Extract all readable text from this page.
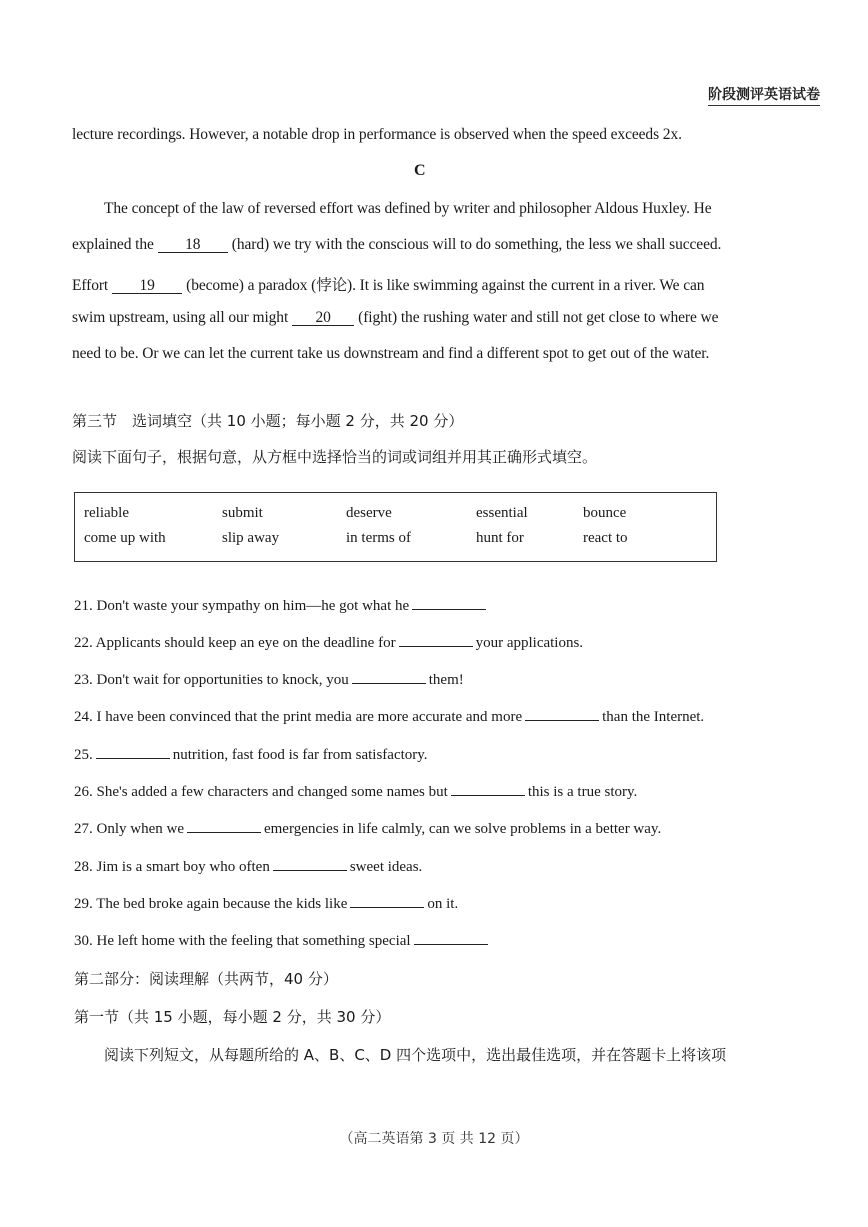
阶段测评英语试卷
lecture recordings. However, a notable drop in performance is observed when the speed exceeds 2x.
C
The concept of the law of reversed effort was defined by writer and philosopher Aldous Huxley. He
explained the 18 (hard) we try with the conscious will to do something, the less we shall succeed.
Effort 19 (become) a paradox (悖论). It is like swimming against the current in a river. We can
swim upstream, using all our might 20 (fight) the rushing water and still not get close to where we
need to be. Or we can let the current take us downstream and find a different spot to get out of the water.
第三节　选词填空（共 10 小题；每小题 2 分，共 20 分）
阅读下面句子，根据句意，从方框中选择恰当的词或词组并用其正确形式填空。
reliable	submit	deserve	essential	bounce
come up with	slip away	in terms of	hunt for	react to
21. Don't waste your sympathy on him—he got what he
22. Applicants should keep an eye on the deadline for	your applications.
23. Don't wait for opportunities to knock, you	them!
24. I have been convinced that the print media are more accurate and more	than the Internet.
25.	nutrition, fast food is far from satisfactory.
26. She's added a few characters and changed some names but	this is a true story.
27. Only when we	emergencies in life calmly, can we solve problems in a better way.
28. Jim is a smart boy who often	sweet ideas.
29. The bed broke again because the kids like	on it.
30. He left home with the feeling that something special
第二部分：阅读理解（共两节，40 分）
第一节（共 15 小题，每小题 2 分，共 30 分）
阅读下列短文，从每题所给的 A、B、C、D 四个选项中，选出最佳选项，并在答题卡上将该项
（高二英语第 3 页 共 12 页）
